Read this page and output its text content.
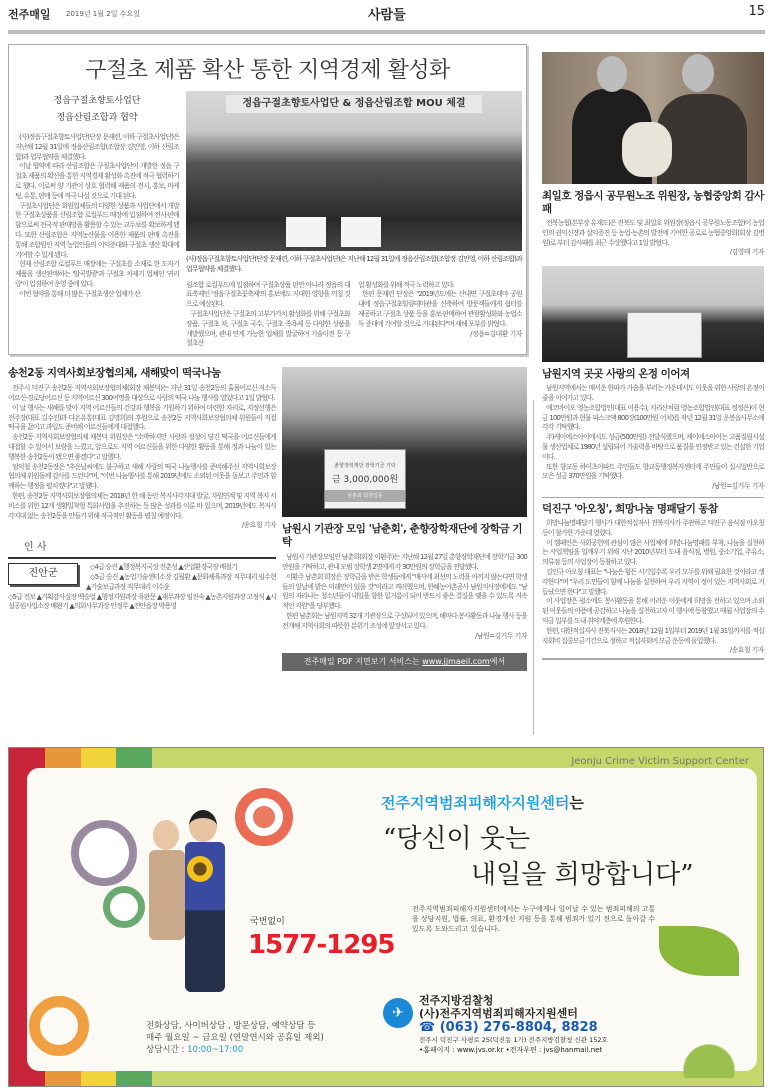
전주매일 2019년 1월 2일 수요일	사람들	15
구절초 제품 확산 통한 지역경제 활성화
정읍구절초향토사업단
정읍산림조합과 협약

(사)정읍구절초향토사업단(단장 문재련, 이하 구절초사업단)은 지난해 12월 31일에 정읍산림조합(조합장 김민영, 이하 산림조합)과 업무협약을 체결했다.

이날 협약에 따라 산림조합은 구절초사업단이 개발한 정읍 구절초 제품의 확산을 통한 지역경제 활성화 촉진에 적극 협력하기로 했다. 이로써 양 기관이 상호 협력해 제품의 전시, 홍보, 마케팅, 유통, 판매 등에 적극 나설 것으로 기대 된다.

구절초사업단은 회원업체들의 다양한 상품과 사업단에서 개발한 구절초상품을 산림조합 로컬푸드 매장에 입점하여 전시·판매함으로써 전국적 판매망을 활용할 수 있는 교두보를 확보하게 됐다. 또한 산림조합은 지역농산물을 이용한 제품의 판매 촉진을 통해 조합원인 지역 농업인들의 이익증대와 구절초 생산 확대에 기여할 수 있게 됐다.

현재 산림조합 로컬푸드 매장에는 구절초를 소재로 한 도자기 제품을 생산판매하는 '암곡발광'과 구절초 차제기 업체인 '귀리랑'이 입점하여 운영 중에 있다.

이번 협약을 통해 더 많은 구절초생산 업체가 산

정읍구절초향토사업단 & 정읍산림조합 MOU 체결
(사)정읍구절초향토사업단(단장 문재련, 이하 구절초사업단)은 지난해 12월 31일에 정읍산림조합(조합장 김민영, 이하 산림조합)과 업무협약을 체결했다.

림조합 로컬푸드에 입점하여 구절초상품 판만 아니라 정읍의 대표축제인 '정읍구절초꽃축제'의 홍보에도 지대한 영향을 끼칠 것으로 예상된다.

구절초사업단은 구절초의 고부가가치 활성화를 위해 구절초화장품, 구절초 차, 구절초 국수, 구절초 족욕제 등 다양한 상품을 개발했으며, 관내 연계 가능한 업체를 발굴하여 기술이전 등 구절초산

업 활성화를 위해 적극 노력하고 있다.

한편 문재련 단장은 "2019년도에는 산내면 구절초테마 공원 내에 정읍구절초힐링테마관을 신축하여 방문객들에게 쉼터를 제공하고 구절초 상품 등을 홍보·판매하여 관광활성화와 농업소득 증대에 기여할 것으로 기대된다"며 새해 포부를 밝혔다.

/정읍=김대환 기자
송천2동 지역사회보장협의체, 새해맞이 떡국나눔

전주시 덕진구 송천2동 지역사회보장협의체(회장 채봉덕)는 지난 31일 송천2동의 홀몸어르신·저소득어르신·경로당어르신 등 지역어르신 300여명을 대상으로 사랑의 떡국 나눔 행사를 열었다고 1일 밝혔다.

이 날 행사는 새해를 맞아 지역 어르신들의 건강과 행복을 기원하기 위하여 마련한 자리로, 지정선행은 전주장(대표 김수진)과 다온유통(대표 김명희)의 후원으로 송천2동 지역사회보장협의체 위원들이 직접 떡국을 끓이고 과일도 준비해 어르신들에게 대접했다.

송천2동 지역사회보장협의체 채봉덕 위원장은 "소박하지만 사랑과 정성이 담긴 떡국을 어르신들에게 대접할 수 있어서 보람을 느꼈고, 앞으로도 지역 어르신들을 위한 다양한 활동을 통해 정과 나눔이 있는 행복한 송천2동이 됐으면 좋겠다"고 말했다.

임익철 송천2동장은 "추운날씨에도 불구하고 새해 사랑의 떡국 나눔행사를 준비해주신 지역사회보장협의체 위원들께 감사를 드린다"며, "이번 나눔행사를 통해 2019년에도 소외된 이웃을 돌보고 주민과 함께하는 행정을 펼치겠다"고 말했다.

한편, 송천2동 지역사회보장협의체는 2018년 한 해 동안 복지사각지대 발굴, 자원연계 및 지역 복지 서비스를 위한 12개 생활밀착형 특화사업을 추진하는 등 많은 성과를 이룬 바 있으며, 2019년에도 복지사각지대 없는 송천2동을 만들기 위해 적극적인 활동을 펼칠 예정이다.

/송효철 기자
인 사
진안군

◇4급 승진 ▲행정복지국장 전춘성 ▲산업환경국장 배철기

◇5급 승진 ▲농업기술센터소장 김필환 ▲문화체육과장 직무대리 임수현 ▲기술보급과장 직무대리 이수윤

◇5급 전보 ▲기획감사실장 백승업 ▲행정지원과장 육완문 ▲재무과장 임진숙 ▲농촌지원과장 고정식 ▲시설공원사업소장 배완기 ▲의회사무과장 안정무 ▲진안읍장 박용영

춘향장학재단 장학기금 기탁
금 3,000,000원
남춘회 회원일동
남원시 기관장 모임 '남춘회', 춘향장학재단에 장학금 기탁

남원시 기관장모임인 남춘회(회장 이환주)는 지난해 12월 27일 춘향장학재단에 장학기금 300만원을 기탁하고, 관내 모범 장학생 2명에게 각 30만원의 장학금을 전달했다.

이환주 남춘회 회장은 장학금을 받은 학생들에게 "매사에 최선의 노력을 아끼지 않는다면 학생들의 앞날에 밝은 미래만이 있을 것"이라고 격려했으며, 한혜농어촌공사 남원지사장에게도 "남원의 자라나는 청소년들이 내일을 향한 밑거름이 되어 반드시 좋은 결실을 맺을 수 있도록 지속적인 지원"을 당부했다.

한편 남춘회는 남원지역 32개 기관장으로 구성되어 있으며, 해마다 봉사활동과 나눔 행사 등을 전개해 지역사회의 따뜻한 분위기 조성에 앞장서고 있다.

/남원=김기두 기자
전주매일 PDF 지면보기 서비스는 www.jjmaeil.com에서
최일호 정읍시 공무원노조 위원장, 농협중앙회 감사패

전북농협(본부장 유재도)은 전북도 및 최일호 위원장(정읍시 공무원노동조합)이 농업인의 권익신장과 실익증진 등 농업·농촌의 발전에 기여한 공로로 농협중앙회(회장 김병원)로 부터 감사패를 최근 수상했다고 1일 밝혔다.

/김영태 기자
남원지역 곳곳 사랑의 온정 이어져

남원지역에서는 매서운 한파가 가슴을 부러는 가운데서도 이웃을 위한 사랑의 온정이 줄을 이어가고 있다.

에코바이오 영농조합법인(대표 이용수), 지리산처럼 영농조합법인(대표 정정은)이 현금 100만원과 현물 파스크액 800장(100만원 어치)를 작년 12월 31일 운봉읍사무소에 각각 기탁했다.

주)케이에스아이에서도 성금(500만원) 전달식했으며, 케이에스아이는 고품질원시설물 생산업체로 1980년 설립되어 기술력을 바탕으로 품질을 인정받고 있는 건실한 기업이다.

또한 향교동 하이츠아파트 주민들도 향교동행정복지센터에 주민들이 십시일반으로 모은 성금 370만원을 기탁했다.

/남원=김기두 기자
덕진구 '아오칭', 희망나눔 명패달기 동참

희망나눔명패달기 행사가 대한적십자사 전북지사가 주관하고 덕진구 음식점 아오칭 등이 참가한 가운데 열렸다.

이 캠페인은 사회공헌에 관심이 많은 사업체에 희망나눔명패를 부착, 나눔을 실천하는 사업책임을 일깨우기 위해 지난 2010년부터 도내 음식점, 병원, 중소기업, 주유소, 의류점 등의 사업장이 동참하고 있다.

김인규 아오칭 대표는 "나눔은 힘든 시기일수록 우리 모두를 위해 필요한 것이라고 생각한다"며 "우리 도민들이 함께 나눔을 실천하여 우리 지역이 정이 있는 지역사회로 거듭났으면 한다"고 말했다.

이 사업장은 평소에도 봉사활동을 통해 어려운 이웃에게 희망을 전하고 있으며 소외된 이웃들의 아픔에 공감하고 나눔을 실천하고자 이 행사에 동참했고 매월 사업장의 수익금 일부를 도내 취약계층에 후원한다.

한편, 대한적십자사 전북지사는 2018년 12월 1일부터 2019년 1월 31일까지를 적십자회비 집중모금기간으로 정하고 적십자회비 모금 운동에 돌입했다.

/송효철 기자
Jeonju Crime Victim Support Center
국번없이
1577-1295
전주지역범죄피해자지원센터는
“당신이 웃는
내일을 희망합니다”
전주지역범죄피해자지원센터에서는 누구에게나 일어날 수 있는 범죄피해의 고통을 상담지원, 법률, 의료, 환경개선 지원 등을 통해 범죄가 있기 전으로 돌아갈 수 있도록 도와드리고 있습니다.
전화상담, 사이버상담 , 방문상담, 예약상담 등
매주 월요일 ~ 금요일 (연말연시와 공휴일 제외)
상담시간 : 10:00~17:00
✈
전주지방검찰청
(사)전주지역범죄피해자지원센터
☎ (063) 276-8804, 8828
전주시 덕진구 사평로 25(덕진동 1가) 전주지방검찰청 신관 152호
•홈페이지 : www.jvs.or.kr •전자우편 : jvs@hanmail.net
